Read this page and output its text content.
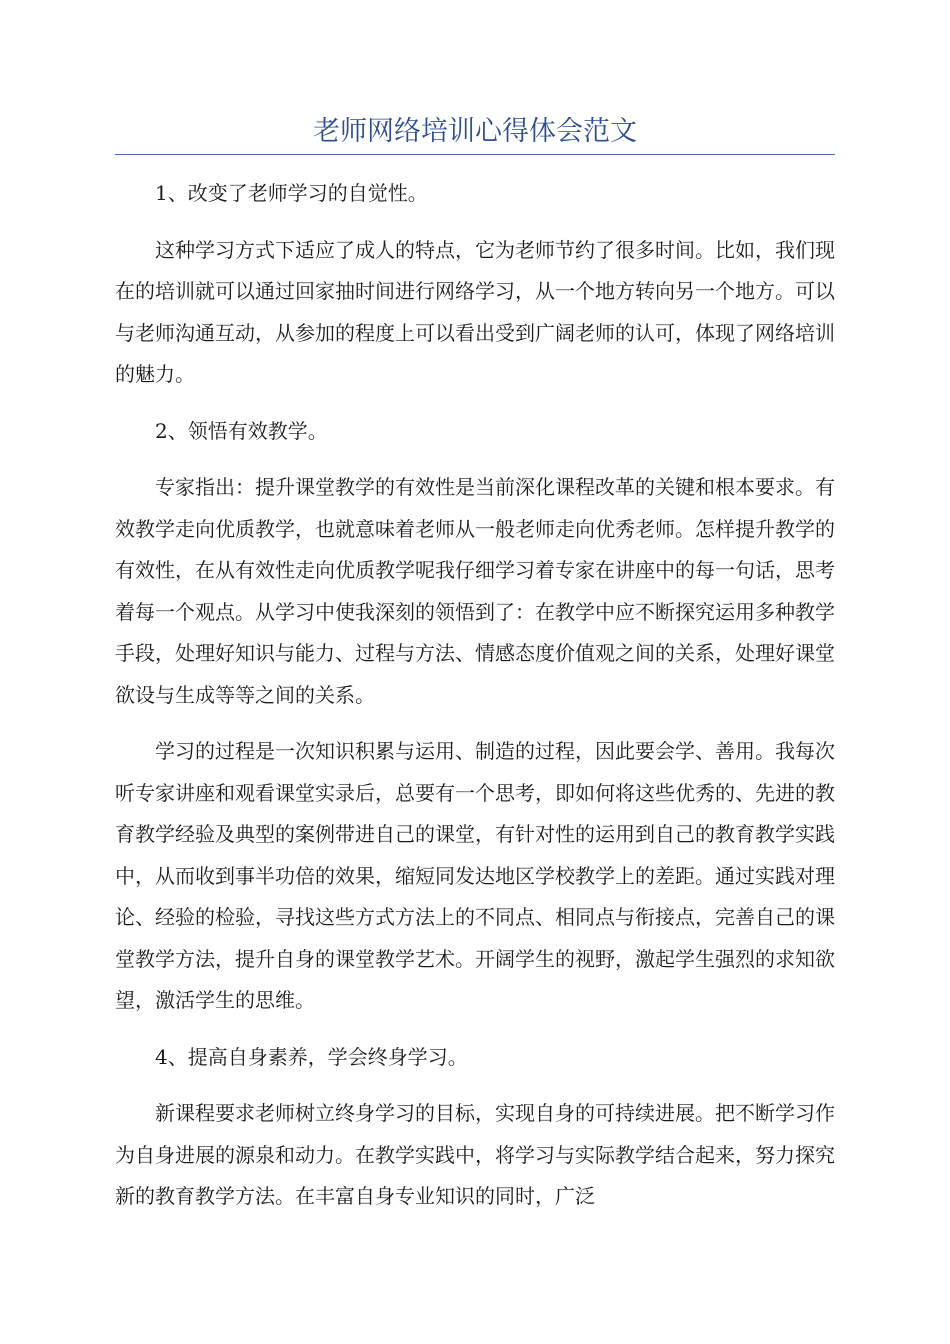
老师网络培训心得体会范文

1、改变了老师学习的自觉性。

这种学习方式下适应了成人的特点，它为老师节约了很多时间。比如，我们现在的培训就可以通过回家抽时间进行网络学习，从一个地方转向另一个地方。可以与老师沟通互动，从参加的程度上可以看出受到广阔老师的认可，体现了网络培训的魅力。

2、领悟有效教学。

专家指出：提升课堂教学的有效性是当前深化课程改革的关键和根本要求。有效教学走向优质教学，也就意味着老师从一般老师走向优秀老师。怎样提升教学的有效性，在从有效性走向优质教学呢我仔细学习着专家在讲座中的每一句话，思考着每一个观点。从学习中使我深刻的领悟到了：在教学中应不断探究运用多种教学手段，处理好知识与能力、过程与方法、情感态度价值观之间的关系，处理好课堂欲设与生成等等之间的关系。

学习的过程是一次知识积累与运用、制造的过程，因此要会学、善用。我每次听专家讲座和观看课堂实录后，总要有一个思考，即如何将这些优秀的、先进的教育教学经验及典型的案例带进自己的课堂，有针对性的运用到自己的教育教学实践中，从而收到事半功倍的效果，缩短同发达地区学校教学上的差距。通过实践对理论、经验的检验，寻找这些方式方法上的不同点、相同点与衔接点，完善自己的课堂教学方法，提升自身的课堂教学艺术。开阔学生的视野，激起学生强烈的求知欲望，激活学生的思维。

4、提高自身素养，学会终身学习。

新课程要求老师树立终身学习的目标，实现自身的可持续进展。把不断学习作为自身进展的源泉和动力。在教学实践中，将学习与实际教学结合起来，努力探究新的教育教学方法。在丰富自身专业知识的同时，广泛
